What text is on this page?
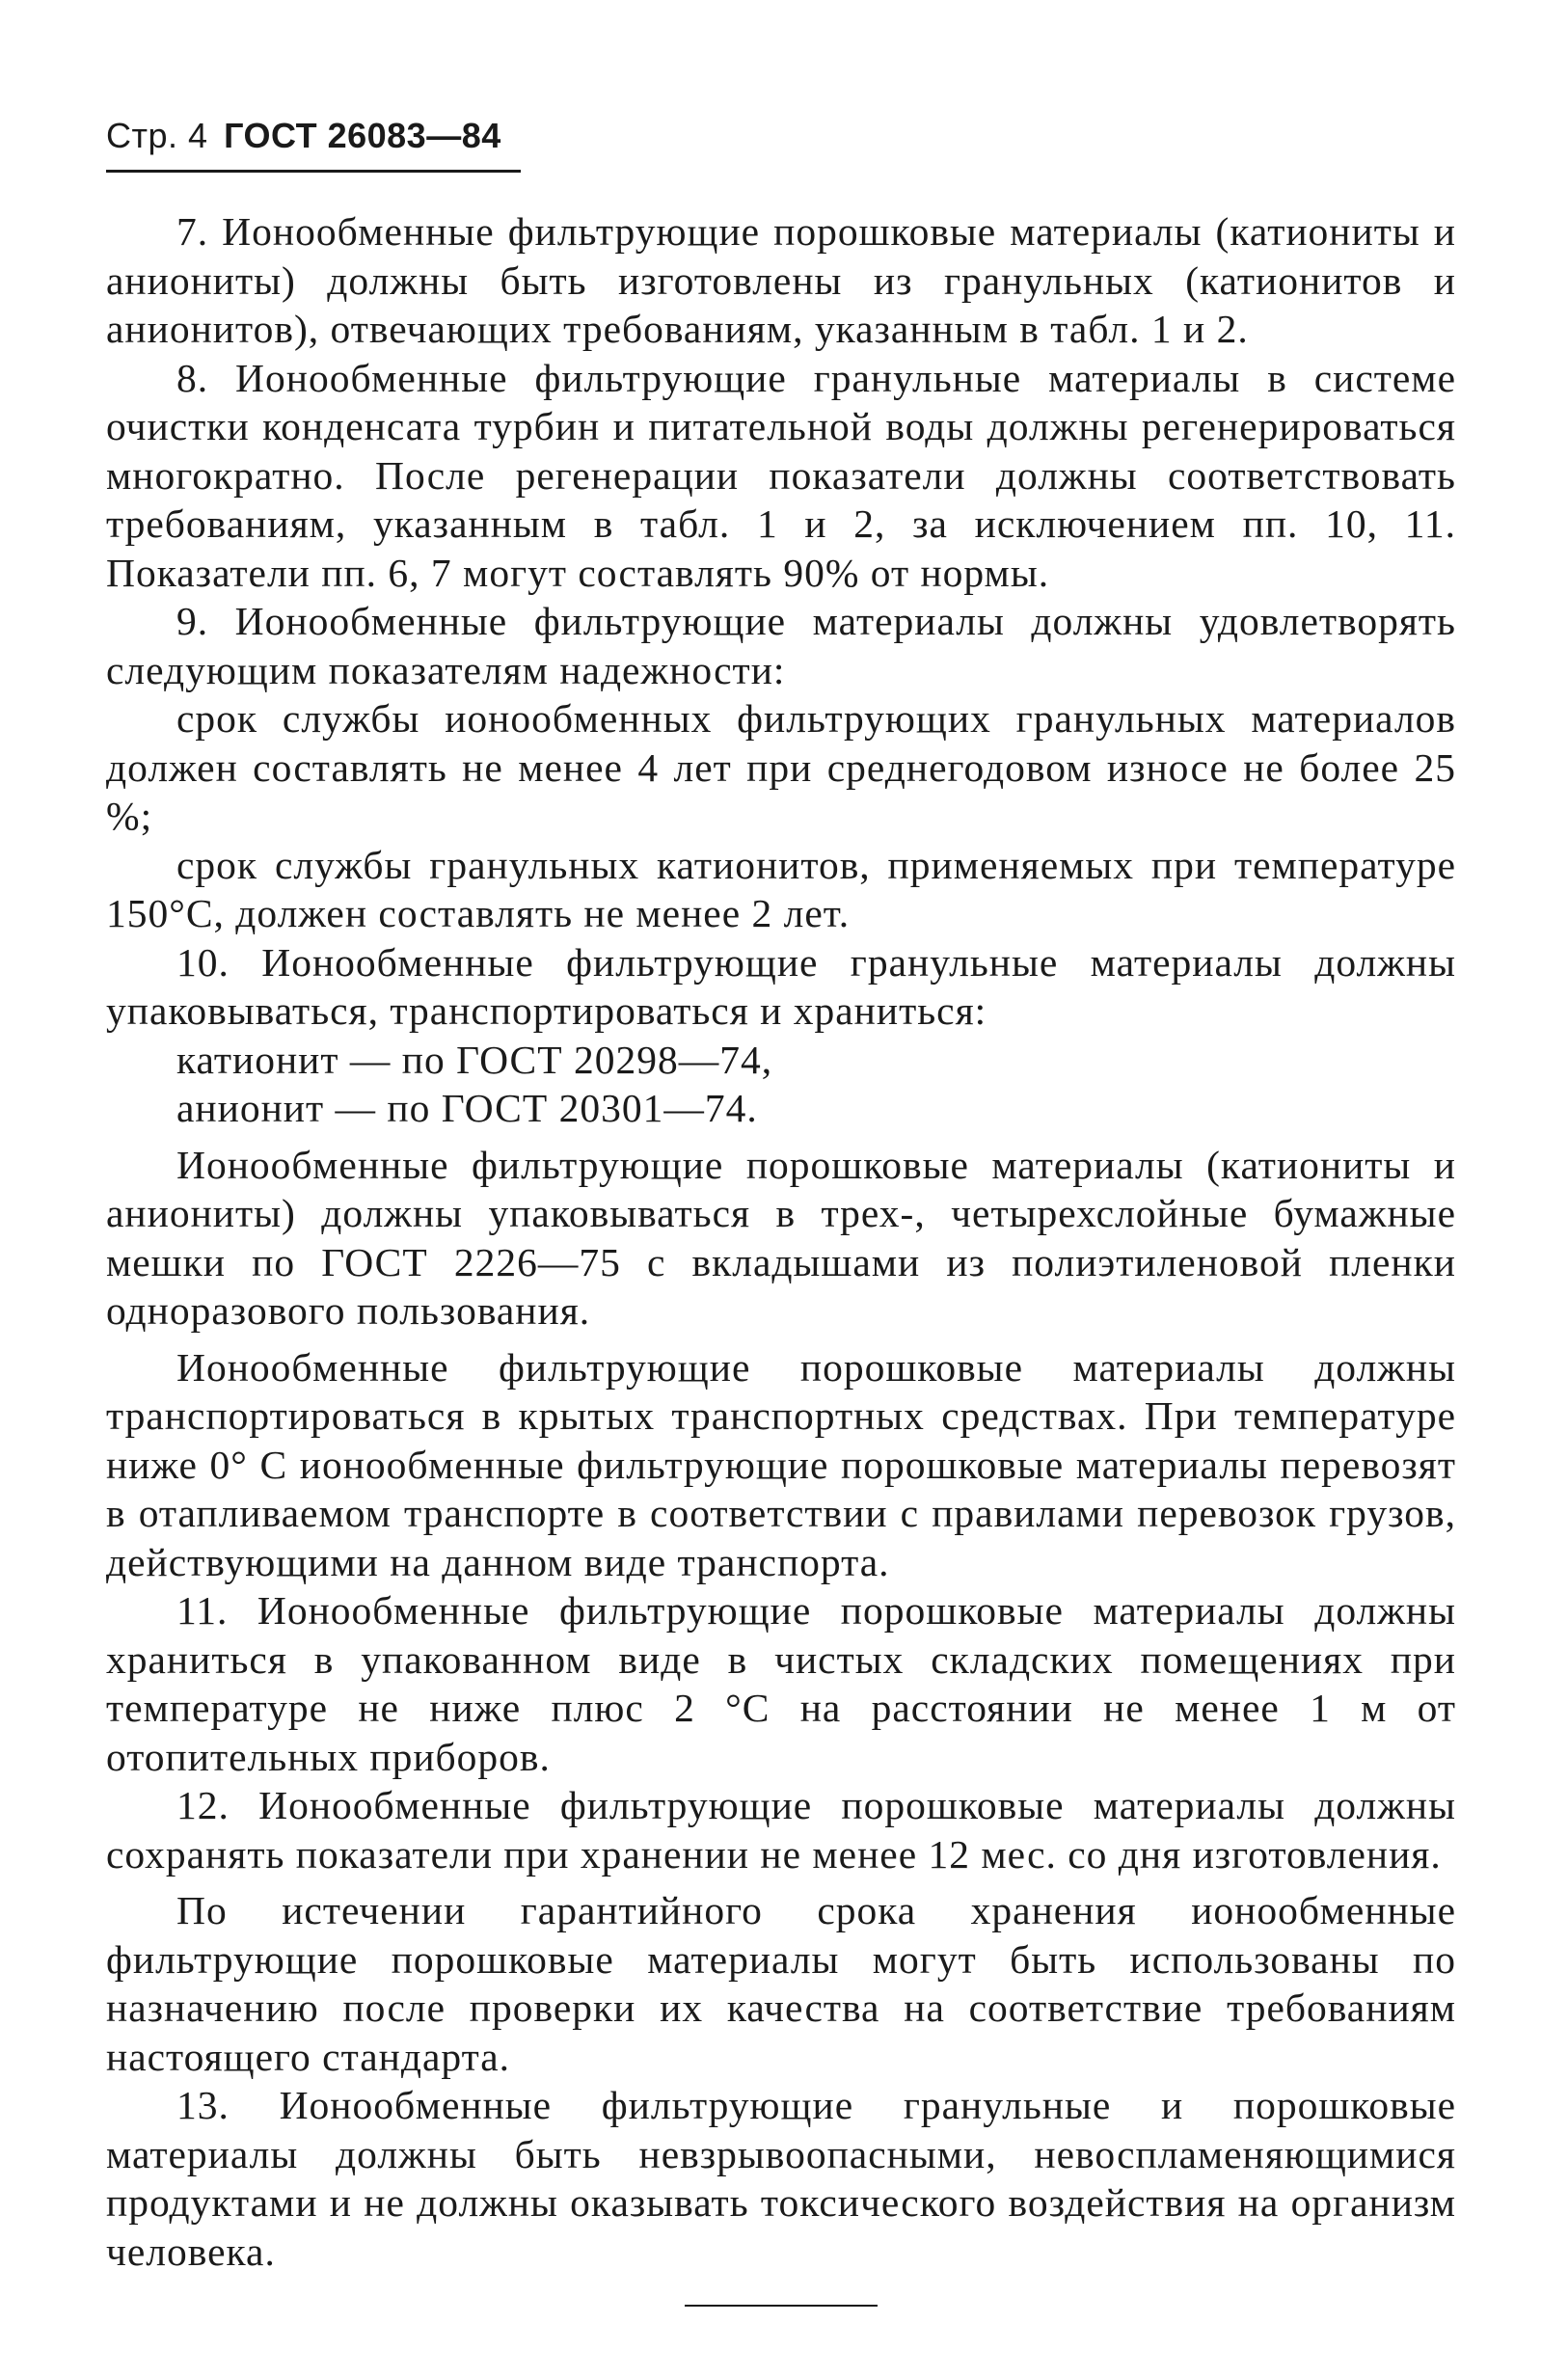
Стр. 4 ГОСТ 26083—84

7. Ионообменные фильтрующие порошковые материалы (катиониты и аниониты) должны быть изготовлены из гранульных (катионитов и анионитов), отвечающих требованиям, указанным в табл. 1 и 2.

8. Ионообменные фильтрующие гранульные материалы в системе очистки конденсата турбин и питательной воды должны регенерироваться многократно. После регенерации показатели должны соответствовать требованиям, указанным в табл. 1 и 2, за исключением пп. 10, 11. Показатели пп. 6, 7 могут составлять 90% от нормы.

9. Ионообменные фильтрующие материалы должны удовлетворять следующим показателям надежности:

срок службы ионообменных фильтрующих гранульных материалов должен составлять не менее 4 лет при среднегодовом износе не более 25 %;

срок службы гранульных катионитов, применяемых при температуре 150°С, должен составлять не менее 2 лет.

10. Ионообменные фильтрующие гранульные материалы должны упаковываться, транспортироваться и храниться:

катионит — по ГОСТ 20298—74,

анионит — по ГОСТ 20301—74.

Ионообменные фильтрующие порошковые материалы (катиониты и аниониты) должны упаковываться в трех-, четырехслойные бумажные мешки по ГОСТ 2226—75 с вкладышами из полиэтиленовой пленки одноразового пользования.

Ионообменные фильтрующие порошковые материалы должны транспортироваться в крытых транспортных средствах. При температуре ниже 0° С ионообменные фильтрующие порошковые материалы перевозят в отапливаемом транспорте в соответствии с правилами перевозок грузов, действующими на данном виде транспорта.

11. Ионообменные фильтрующие порошковые материалы должны храниться в упакованном виде в чистых складских помещениях при температуре не ниже плюс 2 °С на расстоянии не менее 1 м от отопительных приборов.

12. Ионообменные фильтрующие порошковые материалы должны сохранять показатели при хранении не менее 12 мес. со дня изготовления.

По истечении гарантийного срока хранения ионообменные фильтрующие порошковые материалы могут быть использованы по назначению после проверки их качества на соответствие требованиям настоящего стандарта.

13. Ионообменные фильтрующие гранульные и порошковые материалы должны быть невзрывоопасными, невоспламеняющимися продуктами и не должны оказывать токсического воздействия на организм человека.
